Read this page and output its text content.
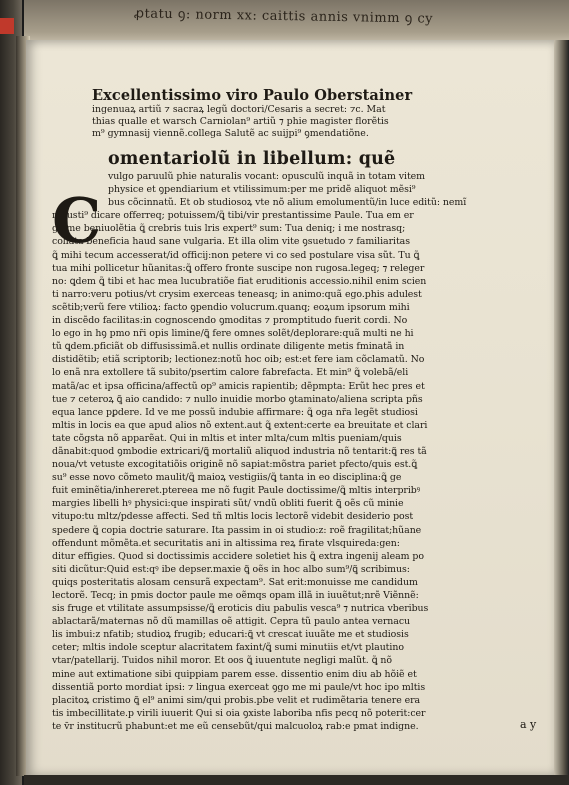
ꝓtatu ꝯ: norm xx: caittis annis vnimm ꝯ cy
Excellentissimo viro Paulo Oberstainer
ingenuaꝝ artiũ ⁊ sacraꝝ legũ doctori/Cesaris a secret: ⁊c. Mat
thias qualle et warsch Carniolan⁹ artiũ ⁊ phie magister florẽtis
m⁹ gymnasij viennẽ.collega Salutẽ ac suijpi⁹ ꝯmendatiõne.
C
omentariolũ in libellum: quẽ
vulgo paruulũ phie naturalis vocant: opusculũ inquã in totam vitem
physice et ꝯpendiarium et vtilissimum:per me pridẽ aliquot mẽsi⁹
bus cõcinnatũ. Et ob studiosoꝝ vte nõ alium emolumentũ/in luce editũ: nemĩ
ni iusti⁹ dicare offerreq; potuissem/ꝗ̃ tibi/vir prestantissime Paule. Tua em er
ga me beniuolẽtia ꝗ̃ crebris tuis lris expert⁹ sum: Tua deniq; i me nostrasq;
collata beneficia haud sane vulgaria. Et illa olim vite ꝯsuetudo ⁊ familiaritas
ꝗ̃ mihi tecum accesserat/id officij:non petere vi co sed postulare visa sũt. Tu ꝗ̃
tua mihi pollicetur hũanitas:ꝗ̃ offero fronte suscipe non rugosa.legeq; ⁊ releger
no: ꝗdem ꝗ̃ tibi et hac mea lucubratiõe fiat eruditionis accessio.nihil enim scien
ti narro:veru potius/vt crysim exerceas teneasq; in animo:quã ego.phis adulest
scẽtib;verũ fere vtilioꝝ: facto ꝯpendio volucrum.quanq; eoꝝum ipsorum mihi
in discẽdo facilitas:in cognoscendo ꝯmoditas ⁊ promptitudo fuerit cordi. No
lo ego in hꝯ pmo nr̃i opis limine/ꝗ̃ fere omnes solẽt/deplorare:quã multi ne hi
tũ ꝗdem.pficiãt ob diffusissimã.et nullis ordinate diligente metis fminatã in
distidẽtib; etiã scriptorib; lectionez:notũ hoc oib; est:et fere iam cõclamatũ. No
lo enã nra extollere tã subito/psertim calore fabrefacta. Et min⁹ ꝗ̃ volebã/eli
matã/ac et ipsa officina/affectũ op⁹ amicis rapientib; dẽpmpta: Erũt hec pres et
tue ⁊ ceteroꝝ ꝗ̃ aio candido: ⁊ nullo inuidie morbo ꝯtaminato/aliena scripta pñs
equa lance pꝑdere. Id ve me possũ indubie affirmare: ꝗ̃ oga nr̃a legẽt studiosi
mltis in locis ea que apud alios nõ extent.aut ꝗ̃ extent:certe ea breuitate et clari
tate cõgsta nõ apparẽat. Qui in mltis et inter mlta/cum mltis pueniam/quis
dãnabit:quod ꝯmbodie extricari/ꝗ̃ mortaliũ aliquod industria nõ tentarit:ꝗ̃ res tã
noua/vt vetuste excogitatiõis originẽ nõ sapiat:mõstra pariet pfecto/quis est.ꝗ̃
su⁹ esse novo cõmeto maulit/ꝗ̃ maioꝝ vestigiis/ꝗ̃ tanta in eo disciplina:ꝗ̃ ge
fuit eminẽtia/inhereret.ptereea me nõ fugit Paule doctissime/ꝗ̃ mltis interpribꝰ
margies libelli hꝰ physici:que inspirati sũt/ vndũ obliti fuerit ꝗ̃ oẽs cũ minie
vitupo:tu mltz/pdesse affecti. Sed tñ mltis locis lectorẽ videbit desiderio post
spedere ꝗ̃ copia doctrie saturare. Ita passim in oi studio:z: roẽ fragilitat;hũane
offendunt mõmẽta.et securitatis ani in altissima reꝝ firate vlsquireda:gen:
ditur effigies. Quod si doctissimis accidere soletiet his ꝗ̃ extra ingenij aleam po
siti dicũtur:Quid est:qꝰ ibe depser.maxie ꝗ̃ oẽs in hoc albo sum⁹/ꝗ̃ scribimus:
quiqs posteritatis alosam censurã expectam⁹. Sat erit:monuisse me candidum
lectorẽ. Tecq; in pmis doctor paule me oẽmqs opam illã in iuuẽtut;nrẽ Viẽnnẽ:
sis fruge et vtilitate assumpsisse/ꝗ̃ eroticis diu pabulis vesca⁹ ⁊ nutrica vberibus
ablactarã/maternas nõ dũ mamillas oẽ attigit. Cepra tũ paulo antea vernacu
lis imbui:z nfatib; studioꝝ frugib; educari:ꝗ̃ vt crescat iuuãte me et studiosis
ceter; mltis indole sceptur alacritatem faxint/ꝗ̃ sumi minutiis et/vt plautino
vtar/patellarij. Tuidos nihil moror. Et oos ꝗ̃ iuuentute negligi malũt. ꝗ̃ nõ
mine aut extimatione sibi quippiam parem esse. dissentio enim diu ab hõiẽ et
dissentiã porto mordiat ipsi: ⁊ lingua exerceat ꝯgo me mi paule/vt hoc ipo mltis
placitoꝝ cristimo ꝗ̃ el⁹ animi sim/qui probis.pbe velit et rudimẽtaria tenere era
tis imbecillitate.p virili iuuerit Qui si oia ꝯxiste laboriba nfis pecq nõ poterit:cer
te v̄r institucrũ phabunt:et me eũ censebũt/qui malcuoloꝝ rab:e pmat indigne.	a y
